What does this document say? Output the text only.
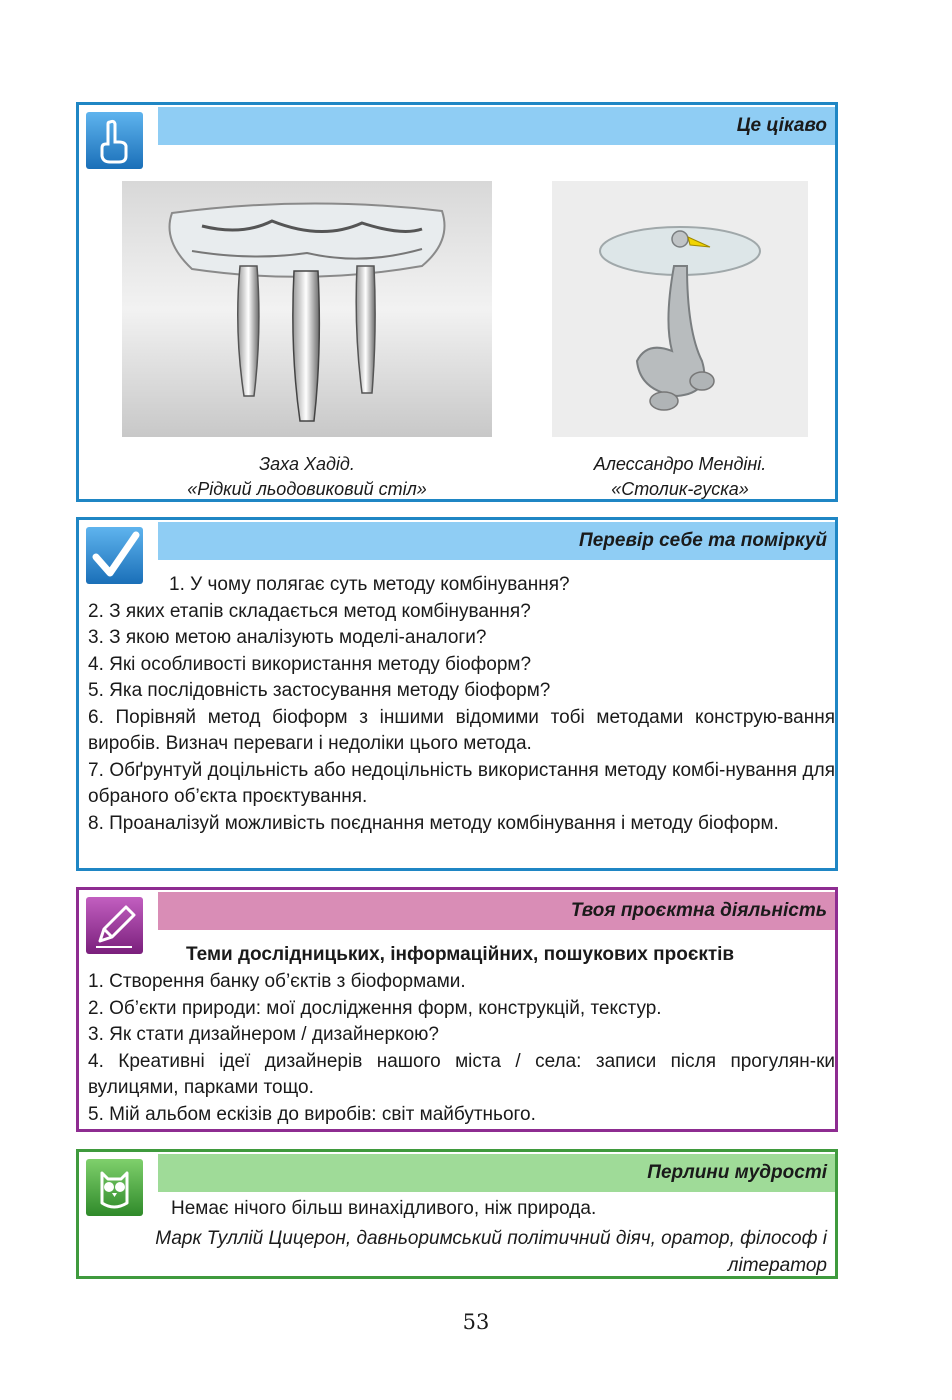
Це цікаво
Заха Хадід.
«Рідкий льодовиковий стіл»
Алессандро Мендіні.
«Столик-гуска»
Перевір себе та поміркуй
1. У чому полягає суть методу комбінування?
2. З яких етапів складається метод комбінування?
3. З якою метою аналізують моделі-аналоги?
4. Які особливості використання методу біоформ?
5. Яка послідовність застосування методу біоформ?
6. Порівняй метод біоформ з іншими відомими тобі методами конструю-вання виробів. Визнач переваги і недоліки цього метода.
7. Обґрунтуй доцільність або недоцільність використання методу комбі-нування для обраного об’єкта проєктування.
8. Проаналізуй можливість поєднання методу комбінування і методу біоформ.
Твоя проєктна діяльність
Теми дослідницьких, інформаційних, пошукових проєктів
1. Створення банку об’єктів з біоформами.
2. Об’єкти природи: мої дослідження форм, конструкцій, текстур.
3. Як стати дизайнером / дизайнеркою?
4. Креативні ідеї дизайнерів нашого міста / села: записи після прогулян-ки вулицями, парками тощо.
5. Мій альбом ескізів до виробів: світ майбутнього.
Перлини мудрості
Немає нічого більш винахідливого, ніж природа.
Марк Туллій Цицерон, давньоримський політичний діяч, оратор, філософ і літератор
53
